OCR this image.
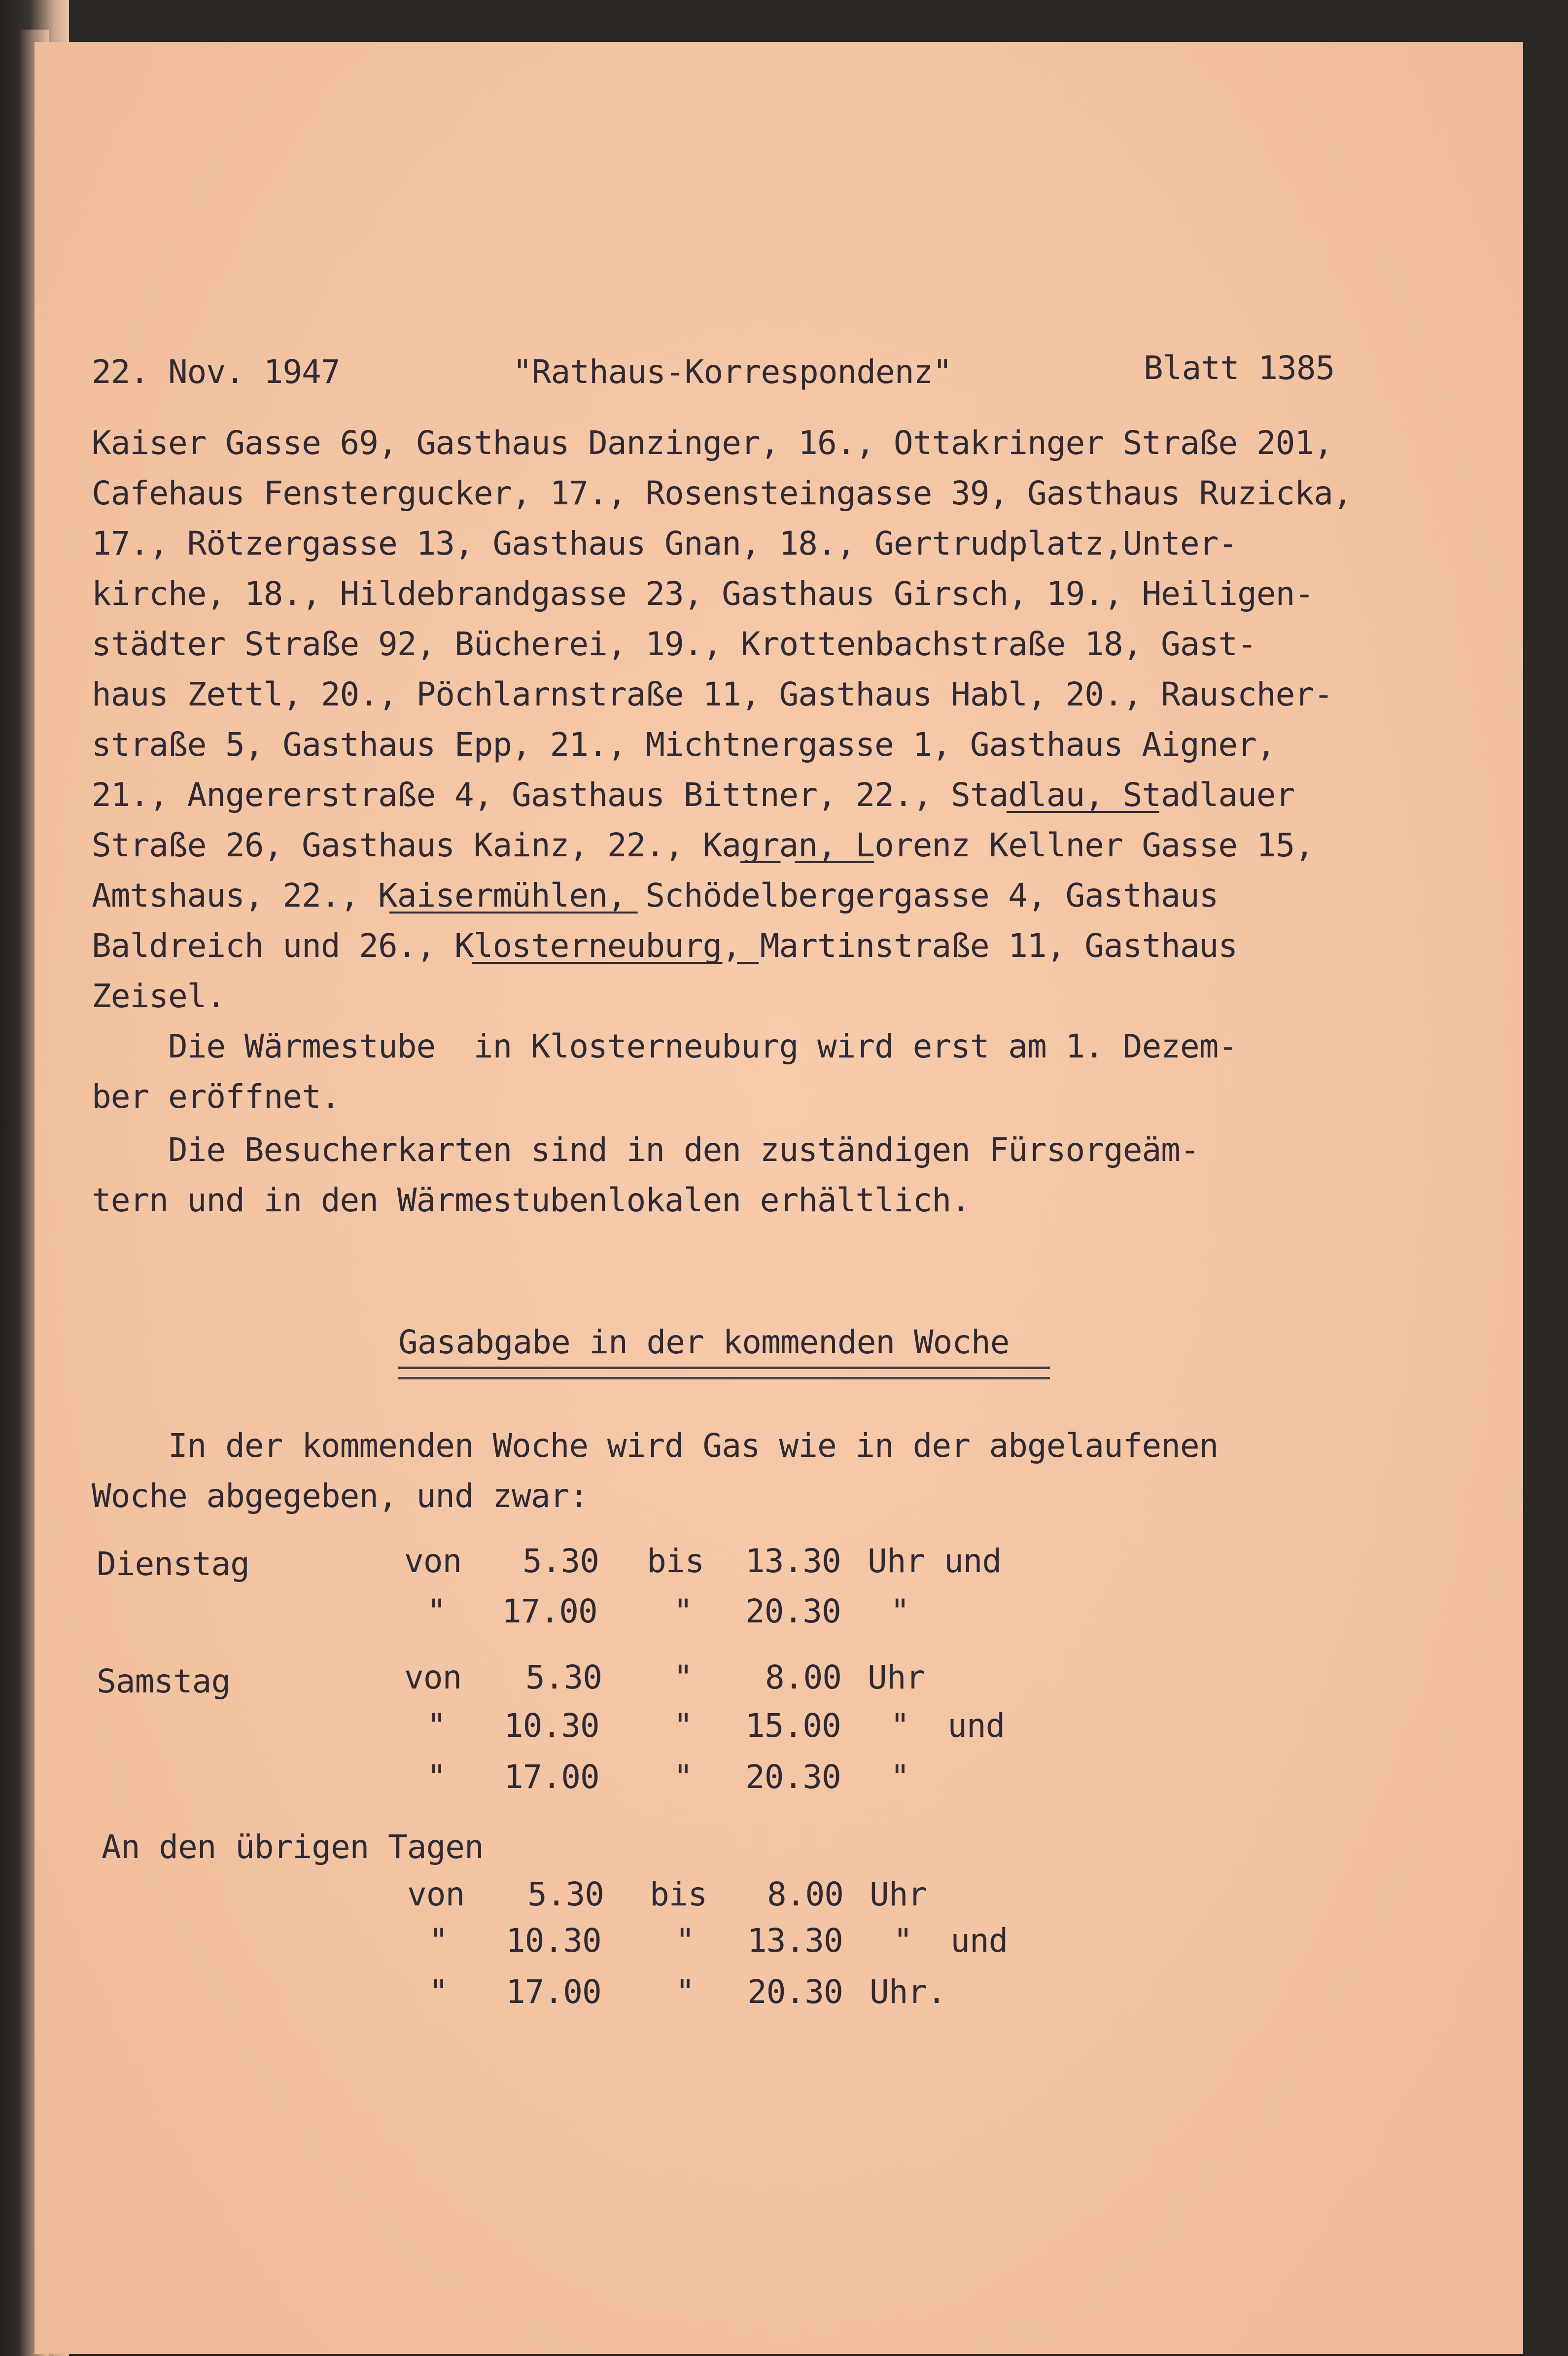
22. Nov. 1947	"Rathaus-Korrespondenz"	Blatt 1385
Kaiser Gasse 69, Gasthaus Danzinger, 16., Ottakringer Straße 201,
Cafehaus Fenstergucker, 17., Rosensteingasse 39, Gasthaus Ruzicka,
17., Rötzergasse 13, Gasthaus Gnan, 18., Gertrudplatz,Unter-
kirche, 18., Hildebrandgasse 23, Gasthaus Girsch, 19., Heiligen-
städter Straße 92, Bücherei, 19., Krottenbachstraße 18, Gast-
haus Zettl, 20., Pöchlarnstraße 11, Gasthaus Habl, 20., Rauscher-
straße 5, Gasthaus Epp, 21., Michtnergasse 1, Gasthaus Aigner,
21., Angererstraße 4, Gasthaus Bittner, 22., Stadlau, Stadlauer
Straße 26, Gasthaus Kainz, 22., Kagran, Lorenz Kellner Gasse 15,
Amtshaus, 22., Kaisermühlen, Schödelbergergasse 4, Gasthaus
Baldreich und 26., Klosterneuburg, Martinstraße 11, Gasthaus
Zeisel.
Die Wärmestube  in Klosterneuburg wird erst am 1. Dezem-
ber eröffnet.
Die Besucherkarten sind in den zuständigen Fürsorgeäm-
tern und in den Wärmestubenlokalen erhältlich.
Gasabgabe in der kommenden Woche
In der kommenden Woche wird Gas wie in der abgelaufenen
Woche abgegeben, und zwar:
Dienstag	von 5.30 bis 13.30 Uhr und
" 17.00 " 20.30 "
Samstag	von 5.30 " 8.00 Uhr
" 10.30 " 15.00 "  und
" 17.00 " 20.30 "
An den übrigen Tagen
von 5.30 bis 8.00 Uhr
" 10.30 " 13.30 "  und
" 17.00 " 20.30 Uhr.
